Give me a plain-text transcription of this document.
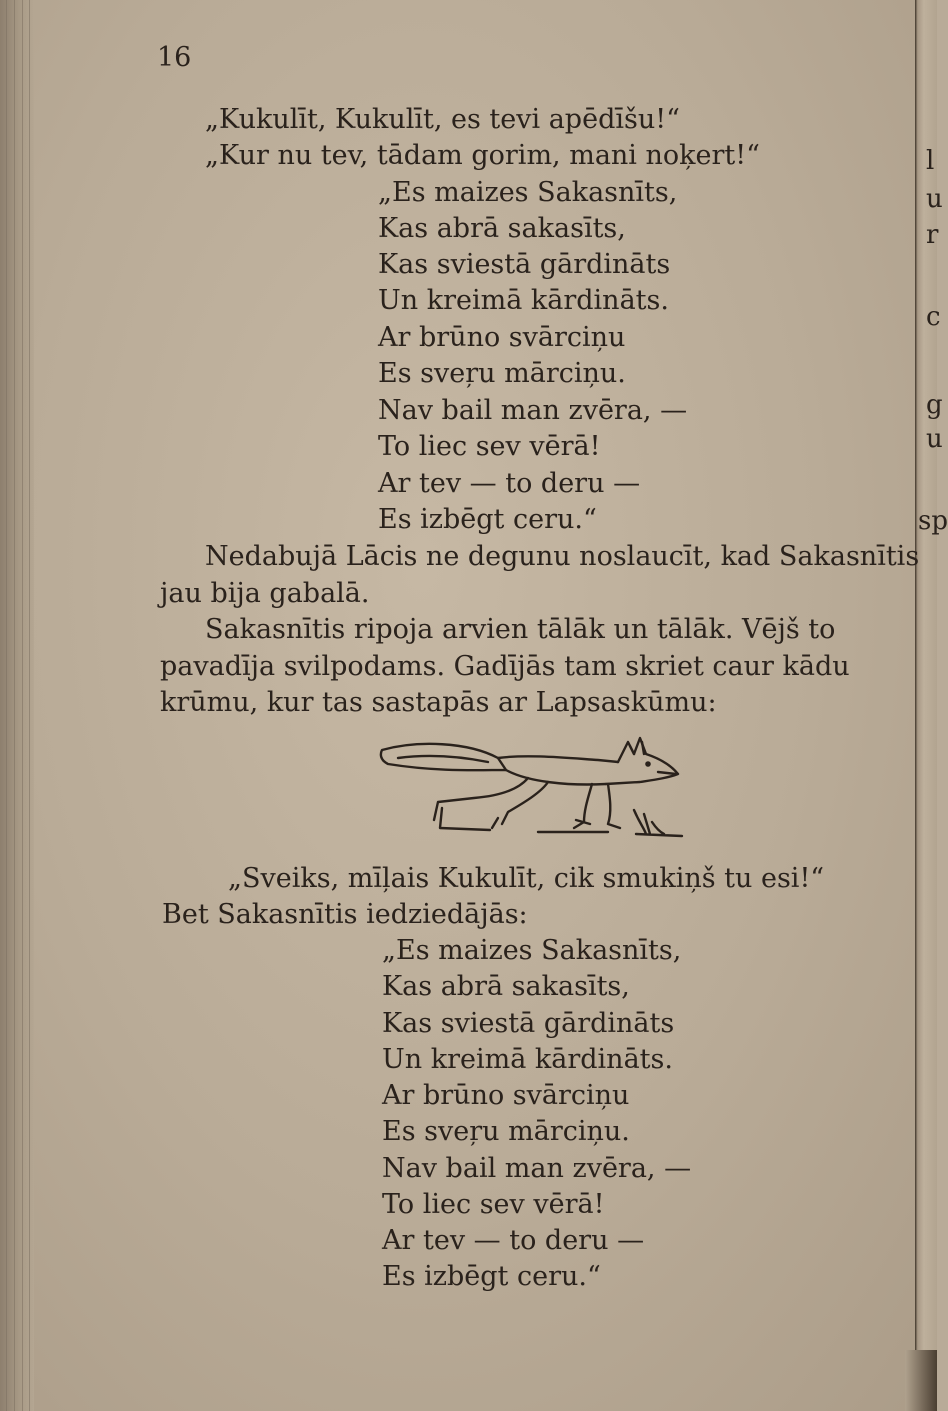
l
u
r
c
g
u
sp
16
„Kukulīt, Kukulīt, es tevi apēdīšu!“
„Kur nu tev, tādam gorim, mani noķert!“
„Es maizes Sakasnīts,
Kas abrā sakasīts,
Kas sviestā gārdināts
Un kreimā kārdināts.
Ar brūno svārciņu
Es sveŗu mārciņu.
Nav bail man zvēra, —
To liec sev vērā!
Ar tev — to deru —
Es izbēgt ceru.“
Nedabujā Lācis ne degunu noslaucīt, kad Sakasnītis
jau bija gabalā.
Sakasnītis ripoja arvien tālāk un tālāk. Vējš to
pavadīja svilpodams. Gadījās tam skriet caur kādu
krūmu, kur tas sastapās ar Lapsaskūmu:
„Sveiks, mīļais Kukulīt, cik smukiņš tu esi!“
Bet Sakasnītis iedziedājās:
„Es maizes Sakasnīts,
Kas abrā sakasīts,
Kas sviestā gārdināts
Un kreimā kārdināts.
Ar brūno svārciņu
Es sveŗu mārciņu.
Nav bail man zvēra, —
To liec sev vērā!
Ar tev — to deru —
Es izbēgt ceru.“
